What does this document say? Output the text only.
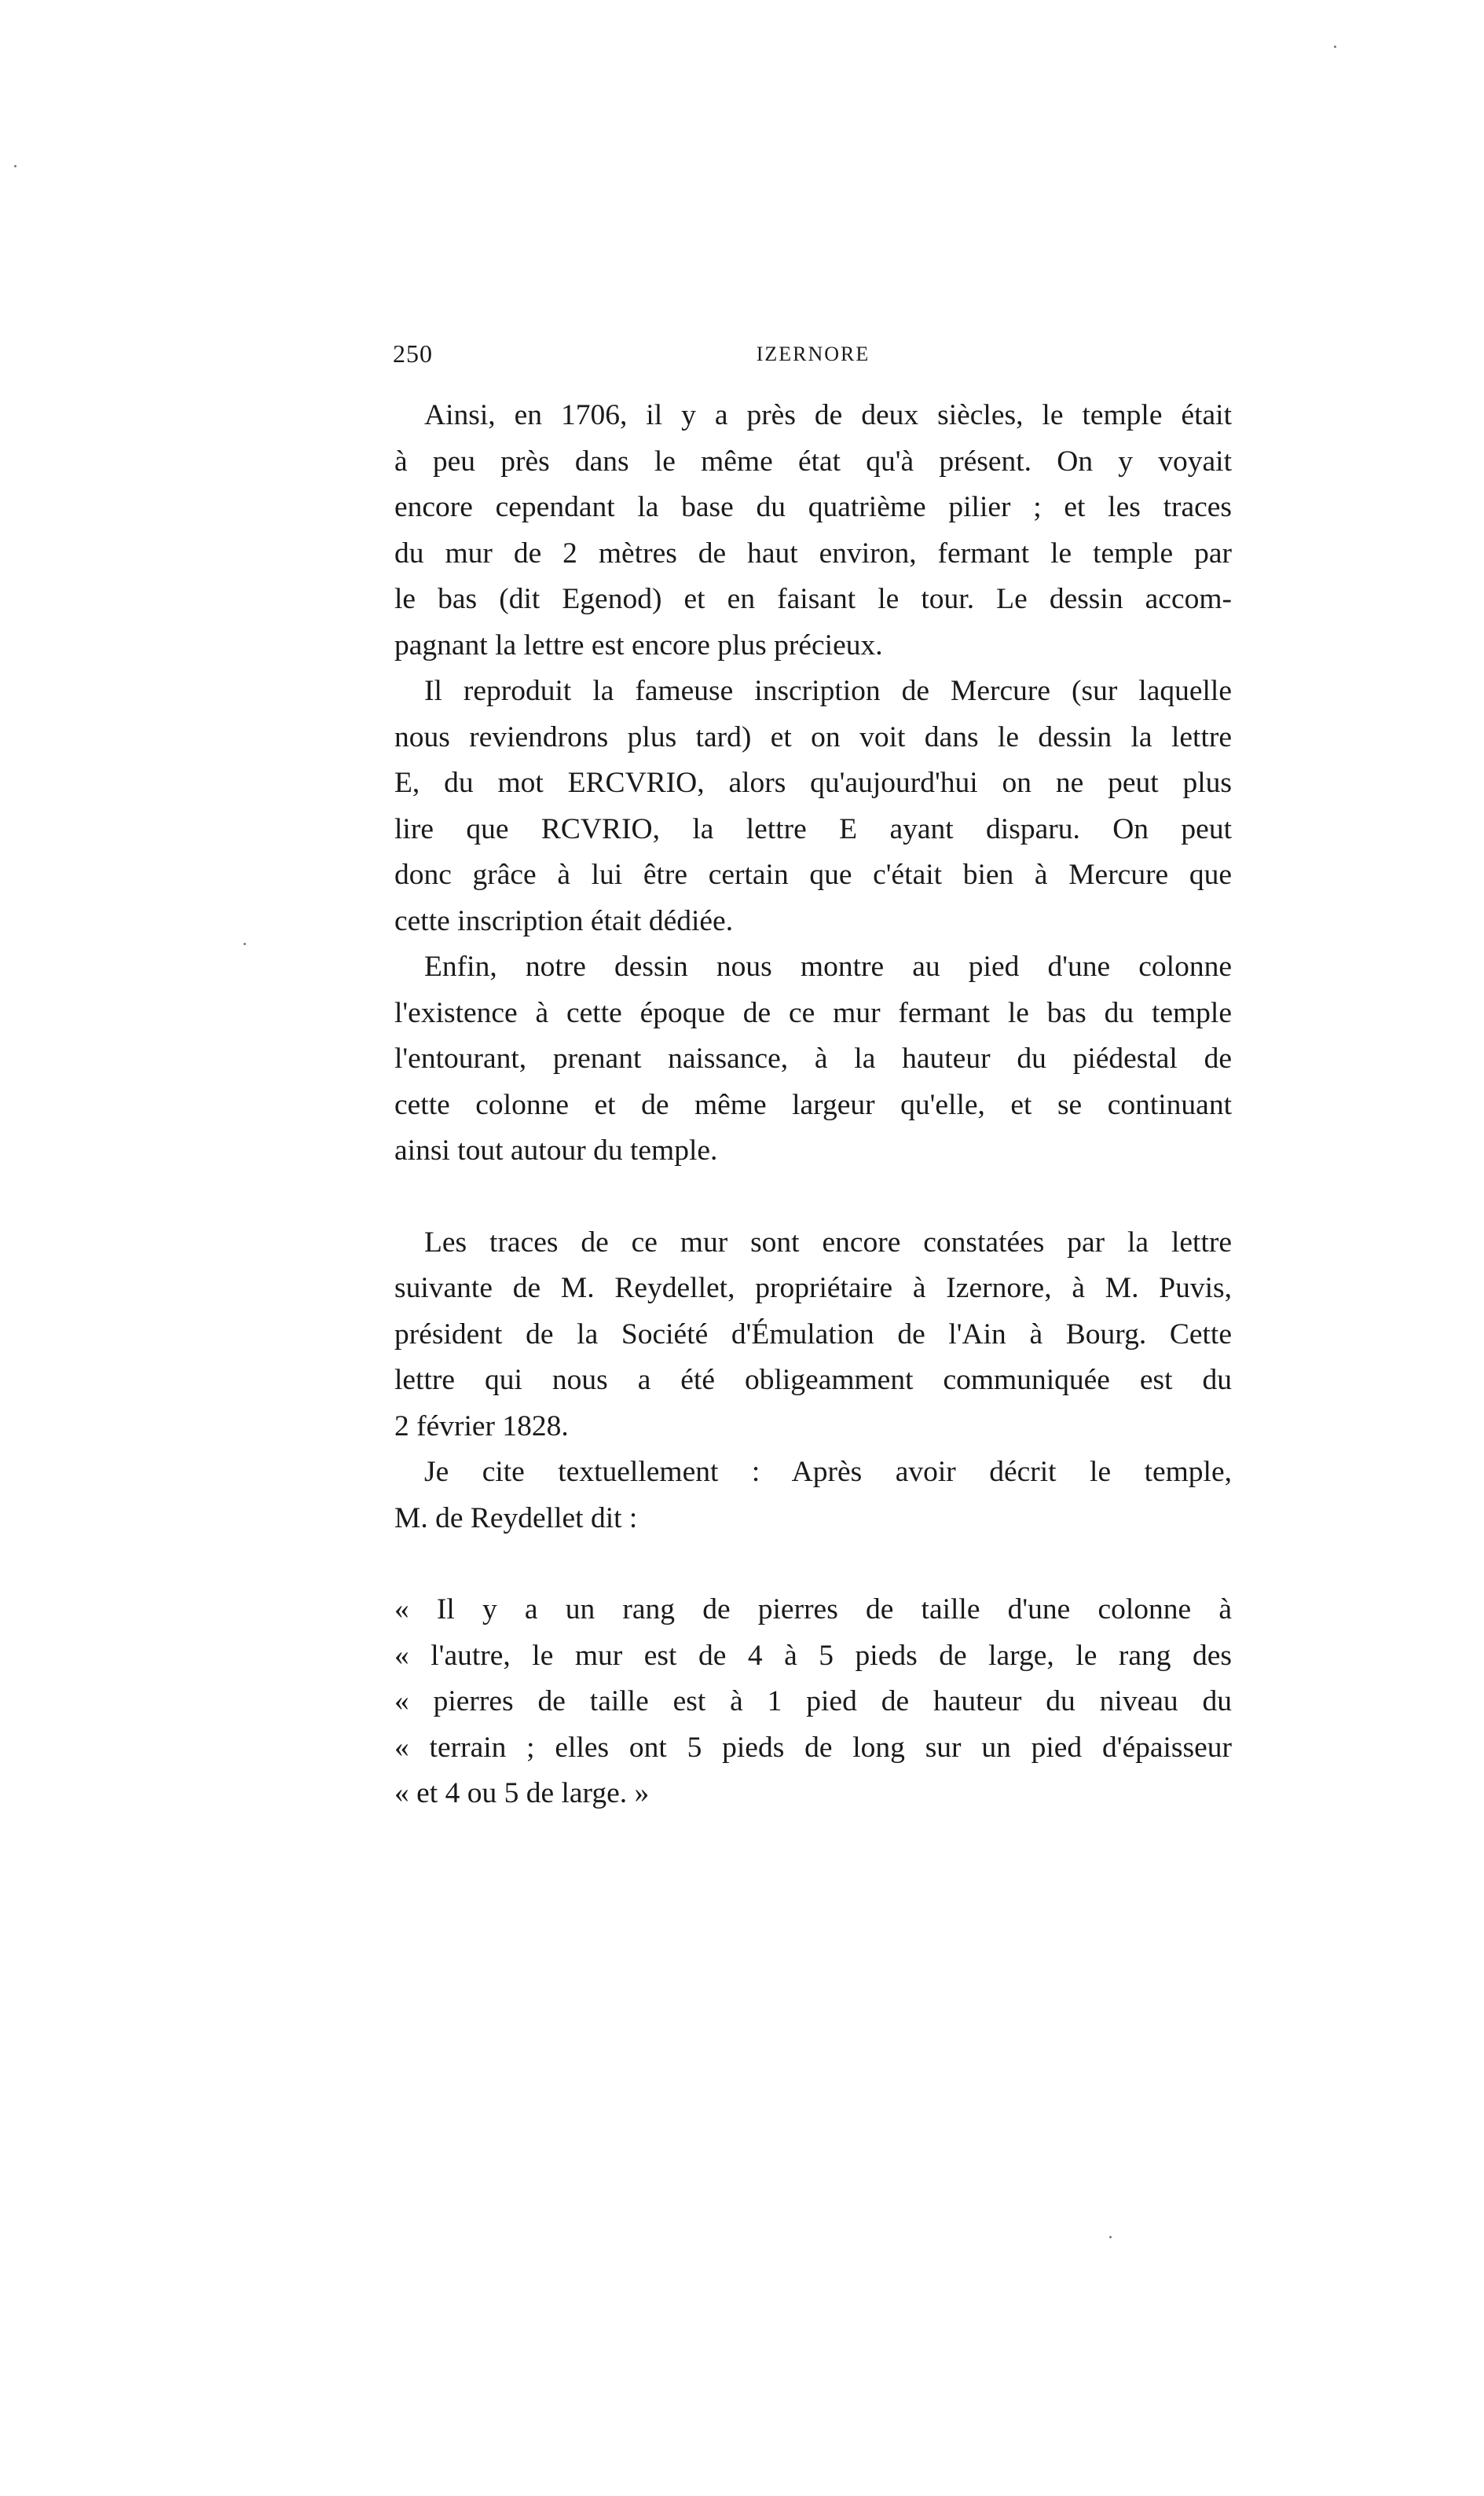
250	IZERNORE

Ainsi, en 1706, il y a près de deux siècles, le temple était
à peu près dans le même état qu'à présent. On y voyait
encore cependant la base du quatrième pilier ; et les traces
du mur de 2 mètres de haut environ, fermant le temple par
le bas (dit Egenod) et en faisant le tour. Le dessin accom-
pagnant la lettre est encore plus précieux.

Il reproduit la fameuse inscription de Mercure (sur laquelle
nous reviendrons plus tard) et on voit dans le dessin la lettre
E, du mot ERCVRIO, alors qu'aujourd'hui on ne peut plus
lire que RCVRIO, la lettre E ayant disparu. On peut
donc grâce à lui être certain que c'était bien à Mercure que
cette inscription était dédiée.

Enfin, notre dessin nous montre au pied d'une colonne
l'existence à cette époque de ce mur fermant le bas du temple
l'entourant, prenant naissance, à la hauteur du piédestal de
cette colonne et de même largeur qu'elle, et se continuant
ainsi tout autour du temple.

Les traces de ce mur sont encore constatées par la lettre
suivante de M. Reydellet, propriétaire à Izernore, à M. Puvis,
président de la Société d'Émulation de l'Ain à Bourg. Cette
lettre qui nous a été obligeamment communiquée est du
2 février 1828.

Je cite textuellement : Après avoir décrit le temple,
M. de Reydellet dit :

« Il y a un rang de pierres de taille d'une colonne à
« l'autre, le mur est de 4 à 5 pieds de large, le rang des
« pierres de taille est à 1 pied de hauteur du niveau du
« terrain ; elles ont 5 pieds de long sur un pied d'épaisseur
« et 4 ou 5 de large. »
